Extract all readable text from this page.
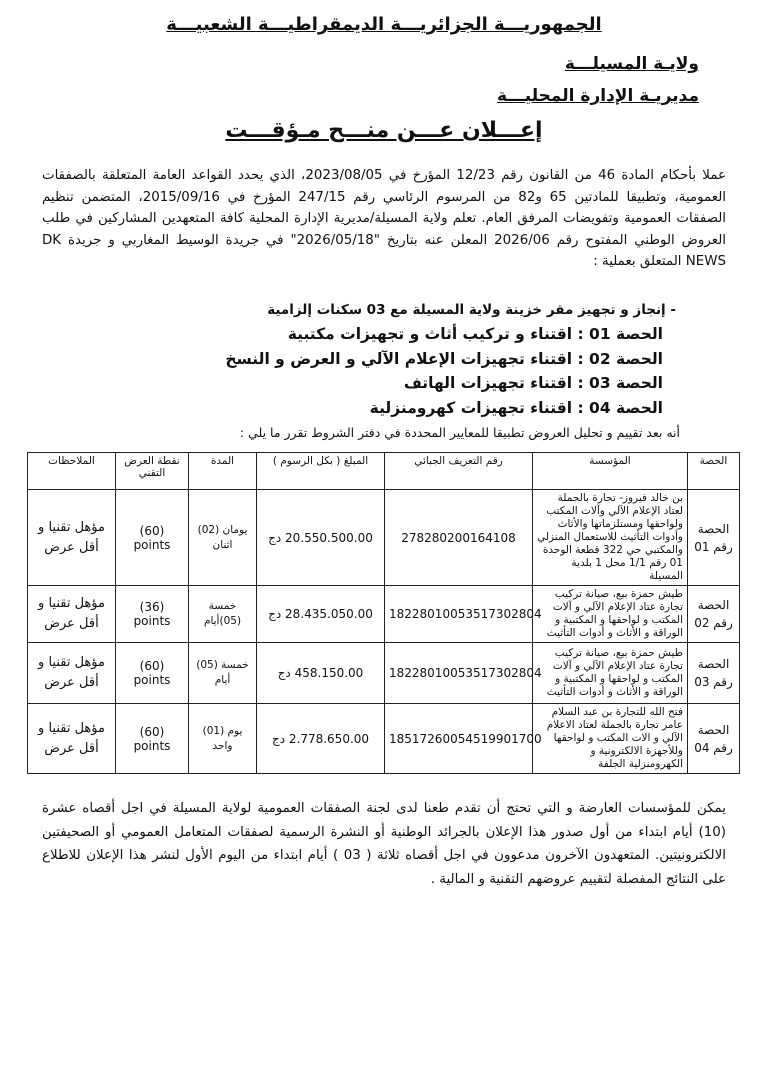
الجمهوريـــة الجزائريـــة الديمقراطيـــة الشعبيـــة
ولايـة المسيلـــة
مديريـة الإدارة المحليـــة
إعـــلان عـــن منـــح مـؤقـــت
عملا بأحكام المادة 46 من القانون رقم 12/23 المؤرخ في 2023/08/05، الذي يحدد القواعد العامة المتعلقة بالصفقات العمومية، وتطبيقا للمادتين 65 و82 من المرسوم الرئاسي رقم 247/15 المؤرخ في 2015/09/16، المتضمن تنظيم الصفقات العمومية وتفويضات المرفق العام. تعلم ولاية المسيلة/مديرية الإدارة المحلية كافة المتعهدين المشاركين في طلب العروض الوطني المفتوح رقم 2026/06 المعلن عنه بتاريخ "2026/05/18" في جريدة الوسيط المغاربي و جريدة DK NEWS المتعلق بعملية :
- إنجاز و تجهيز مقر خزينة ولاية المسيلة مع 03 سكنات إلزامية
الحصة 01 : اقتناء و تركيب أثاث و تجهيزات مكتبية
الحصة 02 : اقتناء تجهيزات الإعلام الآلي و العرض و النسخ
الحصة 03 : اقتناء تجهيزات الهاتف
الحصة 04 : اقتناء تجهيزات كهرومنزلية
أنه بعد تقييم و تحليل العروض تطبيقا للمعايير المحددة في دفتر الشروط تقرر ما يلي :
الحصة	المؤسسة	رقم التعريف الجبائي	المبلغ ( بكل الرسوم )	المدة	نقطة العرض التقني	الملاحظات
الحصة رقم 01	بن خالد فيروز- تجارة بالجملة لعتاد الإعلام الآلي وآلات المكتب ولواحقها ومستلزماتها والأثاث وأدوات التأثيث للاستعمال المنزلي والمكتبي حي 322 قطعة الوحدة 01 رقم 1/1 محل 1 بلدية المسيلة	278280200164108	20.550.500.00 دج	يومان (02) اثنان	(60) points	مؤهل تقنيا و أقل عرض
الحصة رقم 02	طيش حمزة بيع، صيانة تركيب تجارة عتاد الإعلام الآلي و آلات المكتب و لواحقها و المكتبية و الوراقة و الأثاث و أدوات التأثيث	18228010053517302804	28.435.050.00 دج	خمسة (05)أيام	(36) points	مؤهل تقنيا و أقل عرض
الحصة رقم 03	طيش حمزة بيع، صيانة تركيب تجارة عتاد الإعلام الآلي و آلات المكتب و لواحقها و المكتبية و الوراقة و الأثاث و أدوات التأثيث	18228010053517302804	458.150.00 دج	خمسة (05) أيام	(60) points	مؤهل تقنيا و أقل عرض
الحصة رقم 04	فتح الله للتجارة بن عبد السلام عامر تجارة بالجملة لعتاد الاعلام الآلي و الات المكتب و لواحقها وللأجهزة الالكترونية و الكهرومنزلية الجلفة	18517260054519901700	2.778.650.00 دج	يوم (01) واحد	(60) points	مؤهل تقنيا و أقل عرض
يمكن للمؤسسات العارضة و التي تحتج أن تقدم طعنا لدى لجنة الصفقات العمومية لولاية المسيلة في اجل أقصاه عشرة (10) أيام ابتداء من أول صدور هذا الإعلان بالجرائد الوطنية أو النشرة الرسمية لصفقات المتعامل العمومي أو الصحيفتين الالكترونيتين. المتعهدون الآخرون مدعوون في اجل أقصاه ثلاثة ( 03 ) أيام ابتداء من اليوم الأول لنشر هذا الإعلان للاطلاع على النتائج المفصلة لتقييم عروضهم التقنية و المالية .
